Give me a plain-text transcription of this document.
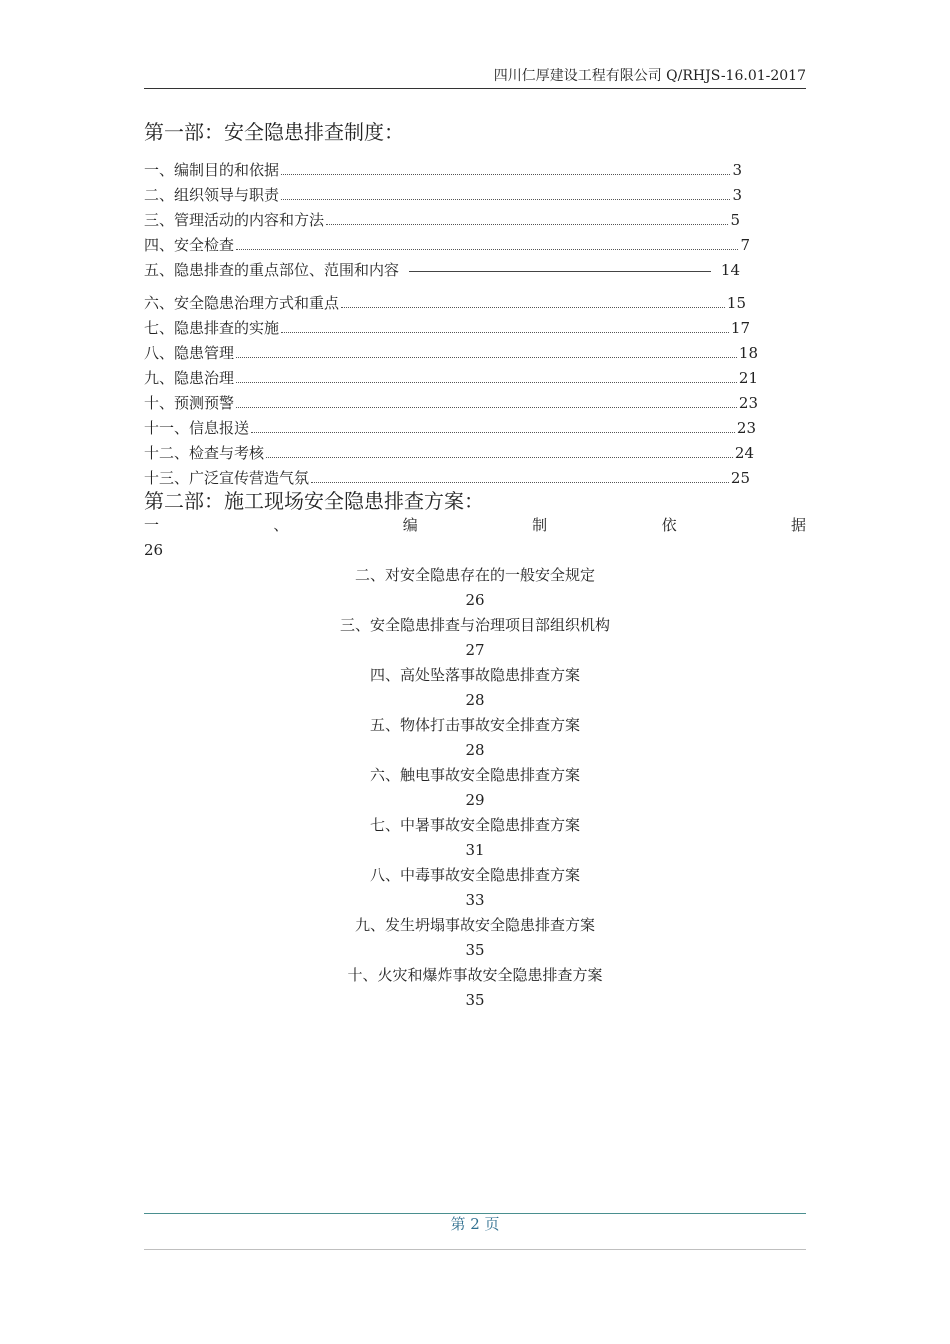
四川仁厚建设工程有限公司 Q/RHJS-16.01-2017
第一部：安全隐患排查制度：
一、编制目的和依据	3
二、组织领导与职责	3
三、管理活动的内容和方法	5
四、安全检查	7
五、隐患排查的重点部位、范围和内容	14
六、安全隐患治理方式和重点	15
七、隐患排查的实施	17
八、隐患管理	18
九、隐患治理	21
十、预测预警	23
十一、信息报送	23
十二、检查与考核	24
十三、广泛宣传营造气氛	25
第二部：施工现场安全隐患排查方案：
一	、	编	制	依	据
26
二、对安全隐患存在的一般安全规定
26
三、安全隐患排查与治理项目部组织机构
27
四、高处坠落事故隐患排查方案
28
五、物体打击事故安全排查方案
28
六、触电事故安全隐患排查方案
29
七、中暑事故安全隐患排查方案
31
八、中毒事故安全隐患排查方案
33
九、发生坍塌事故安全隐患排查方案
35
十、火灾和爆炸事故安全隐患排查方案
35
第 2 页
